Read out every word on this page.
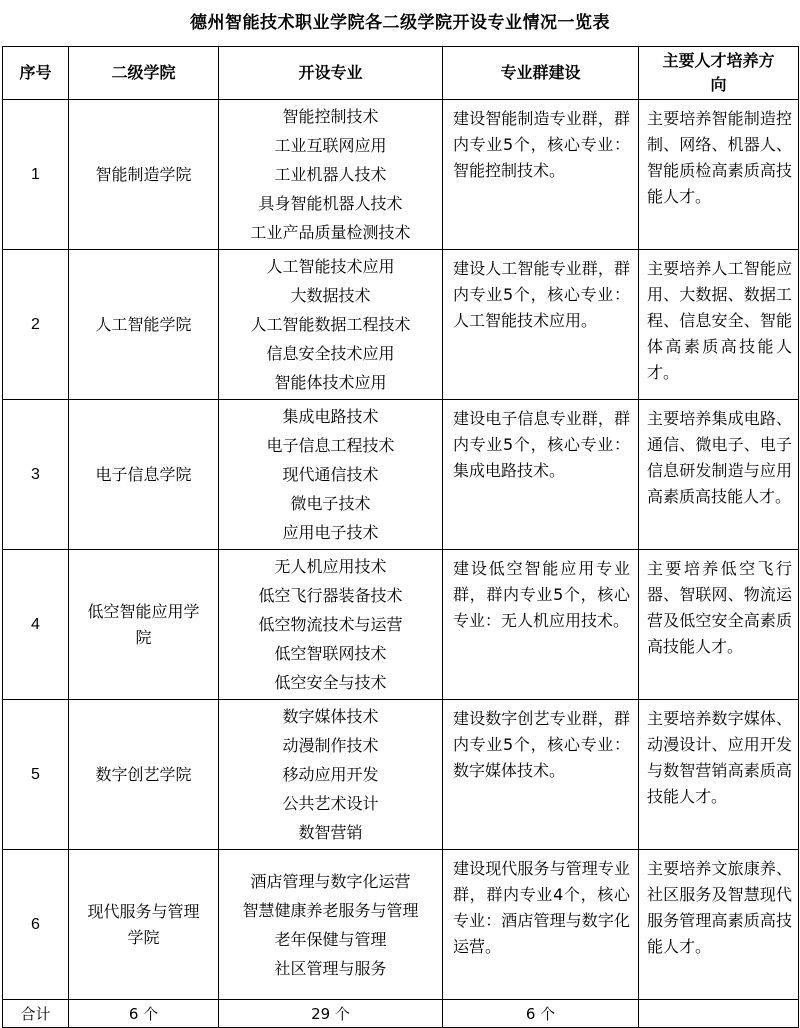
德州智能技术职业学院各二级学院开设专业情况一览表
序号	二级学院	开设专业	专业群建设	主要人才培养方向
1	智能制造学院	智能控制技术
工业互联网应用
工业机器人技术
具身智能机器人技术
工业产品质量检测技术	建设智能制造专业群，群内专业5个，核心专业：智能控制技术。	主要培养智能制造控制、网络、机器人、智能质检高素质高技能人才。
2	人工智能学院	人工智能技术应用
大数据技术
人工智能数据工程技术
信息安全技术应用
智能体技术应用	建设人工智能专业群，群内专业5个，核心专业：人工智能技术应用。	主要培养人工智能应用、大数据、数据工程、信息安全、智能体高素质高技能人才。
3	电子信息学院	集成电路技术
电子信息工程技术
现代通信技术
微电子技术
应用电子技术	建设电子信息专业群，群内专业5个，核心专业：集成电路技术。	主要培养集成电路、通信、微电子、电子信息研发制造与应用高素质高技能人才。
4	低空智能应用学院	无人机应用技术
低空飞行器装备技术
低空物流技术与运营
低空智联网技术
低空安全与技术	建设低空智能应用专业群，群内专业5个，核心专业：无人机应用技术。	主要培养低空飞行器、智联网、物流运营及低空安全高素质高技能人才。
5	数字创艺学院	数字媒体技术
动漫制作技术
移动应用开发
公共艺术设计
数智营销	建设数字创艺专业群，群内专业5个，核心专业：数字媒体技术。	主要培养数字媒体、动漫设计、应用开发与数智营销高素质高技能人才。
6	现代服务与管理学院	酒店管理与数字化运营
智慧健康养老服务与管理
老年保健与管理
社区管理与服务	建设现代服务与管理专业群，群内专业4个，核心专业：酒店管理与数字化运营。	主要培养文旅康养、社区服务及智慧现代服务管理高素质高技能人才。
合计	6 个	29 个	6 个	
